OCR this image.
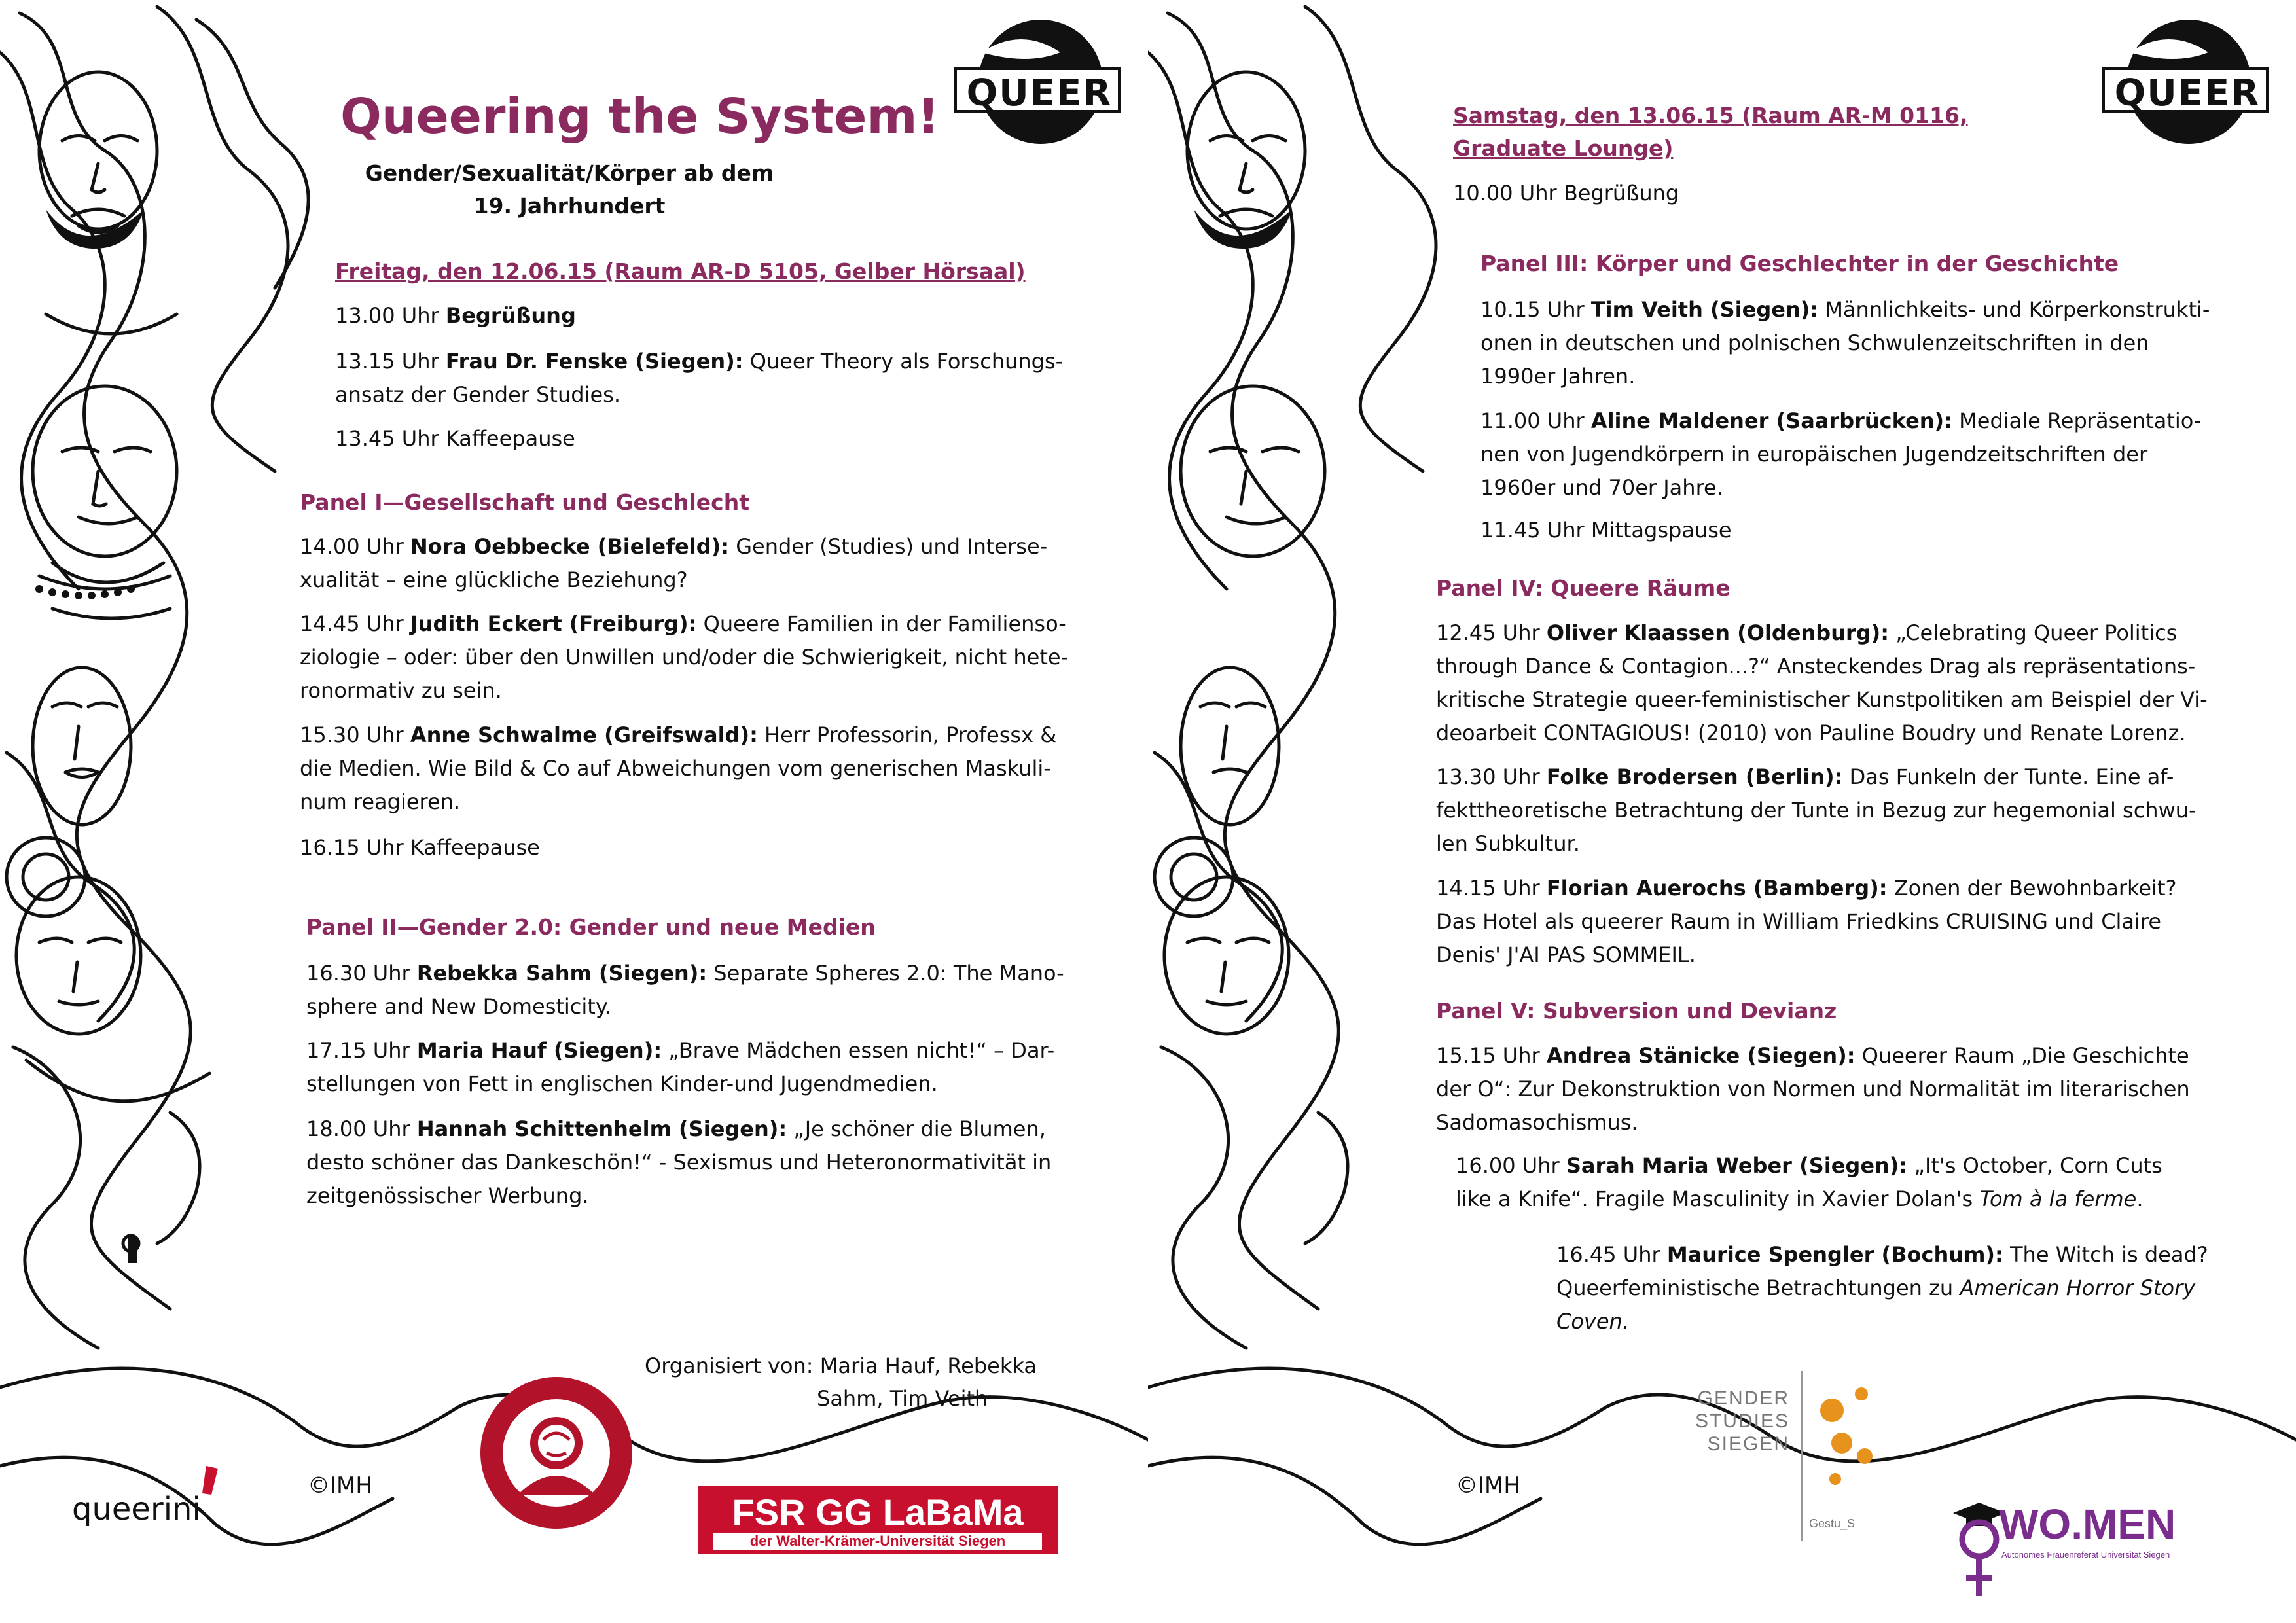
Queering the System!
Gender/Sexualität/Körper ab dem
19. Jahrhundert
QUEER
Freitag, den 12.06.15 (Raum AR-D 5105, Gelber Hörsaal)
13.00 Uhr Begrüßung
13.15 Uhr Frau Dr. Fenske (Siegen): Queer Theory als Forschungs-
ansatz der Gender Studies.
13.45 Uhr Kaffeepause
Panel I—Gesellschaft und Geschlecht
14.00 Uhr Nora Oebbecke (Bielefeld): Gender (Studies) und Interse-
xualität – eine glückliche Beziehung?
14.45 Uhr Judith Eckert (Freiburg): Queere Familien in der Familienso-
ziologie – oder: über den Unwillen und/oder die Schwierigkeit, nicht hete-
ronormativ zu sein.
15.30 Uhr Anne Schwalme (Greifswald): Herr Professorin, Professx &
die Medien. Wie Bild & Co auf Abweichungen vom generischen Maskuli-
num reagieren.
16.15 Uhr Kaffeepause
Panel II—Gender 2.0: Gender und neue Medien
16.30 Uhr Rebekka Sahm (Siegen): Separate Spheres 2.0: The Mano-
sphere and New Domesticity.
17.15 Uhr Maria Hauf (Siegen): „Brave Mädchen essen nicht!“ – Dar-
stellungen von Fett in englischen Kinder-und Jugendmedien.
18.00 Uhr Hannah Schittenhelm (Siegen): „Je schöner die Blumen,
desto schöner das Dankeschön!“ - Sexismus und Heteronormativität in
zeitgenössischer Werbung.
Organisiert von: Maria Hauf, Rebekka
Sahm, Tim Veith
©IMH
queerini	FSR GG LaBaMa
der Walter-Krämer-Universität Siegen
QUEER
Samstag, den 13.06.15 (Raum AR-M 0116,
Graduate Lounge)
10.00 Uhr Begrüßung
Panel III: Körper und Geschlechter in der Geschichte
10.15 Uhr Tim Veith (Siegen): Männlichkeits- und Körperkonstrukti-
onen in deutschen und polnischen Schwulenzeitschriften in den
1990er Jahren.
11.00 Uhr Aline Maldener (Saarbrücken): Mediale Repräsentatio-
nen von Jugendkörpern in europäischen Jugendzeitschriften der
1960er und 70er Jahre.
11.45 Uhr Mittagspause
Panel IV: Queere Räume
12.45 Uhr Oliver Klaassen (Oldenburg): „Celebrating Queer Politics
through Dance & Contagion...?“ Ansteckendes Drag als repräsentations-
kritische Strategie queer-feministischer Kunstpolitiken am Beispiel der Vi-
deoarbeit CONTAGIOUS! (2010) von Pauline Boudry und Renate Lorenz.
13.30 Uhr Folke Brodersen (Berlin): Das Funkeln der Tunte. Eine af-
fekttheoretische Betrachtung der Tunte in Bezug zur hegemonial schwu-
len Subkultur.
14.15 Uhr Florian Auerochs (Bamberg): Zonen der Bewohnbarkeit?
Das Hotel als queerer Raum in William Friedkins CRUISING und Claire
Denis' J'AI PAS SOMMEIL.
Panel V: Subversion und Devianz
15.15 Uhr Andrea Stänicke (Siegen): Queerer Raum „Die Geschichte
der O“: Zur Dekonstruktion von Normen und Normalität im literarischen
Sadomasochismus.
16.00 Uhr Sarah Maria Weber (Siegen): „It's October, Corn Cuts
like a Knife“. Fragile Masculinity in Xavier Dolan's Tom à la ferme.
16.45 Uhr Maurice Spengler (Bochum): The Witch is dead?
Queerfeministische Betrachtungen zu American Horror Story
Coven.
©IMH
GENDER
STUDIES
SIEGEN
Gestu_S	WO.MEN
Autonomes Frauenreferat Universität Siegen
